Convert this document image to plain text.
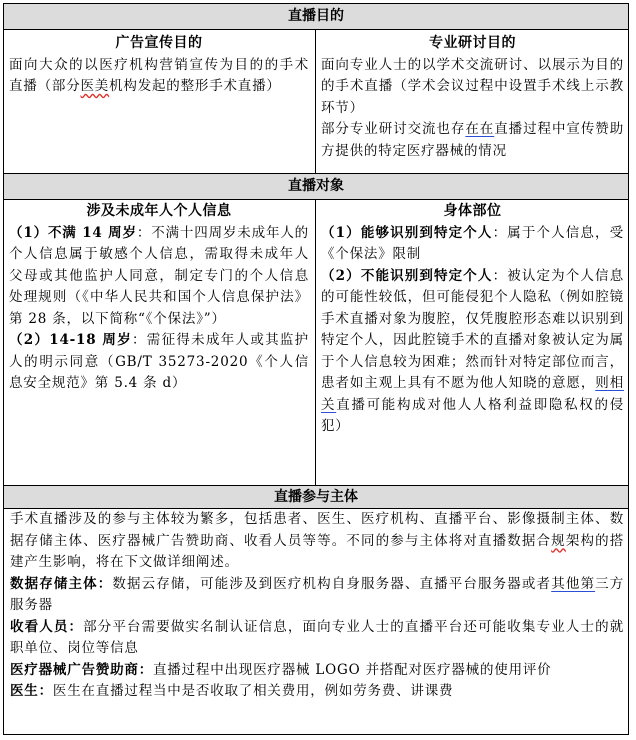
直播目的

广告宣传目的

面向大众的以医疗机构营销宣传为目的的手术直播（部分医美机构发起的整形手术直播）

专业研讨目的

面向专业人士的以学术交流研讨、以展示为目的的手术直播（学术会议过程中设置手术线上示教环节）

部分专业研讨交流也存在在直播过程中宣传赞助方提供的特定医疗器械的情况

直播对象

涉及未成年人个人信息

（1）不满 14 周岁：不满十四周岁未成年人的个人信息属于敏感个人信息，需取得未成年人父母或其他监护人同意，制定专门的个人信息处理规则（《中华人民共和国个人信息保护法》第 28 条，以下简称“《个保法》”）

（2）14-18 周岁：需征得未成年人或其监护人的明示同意（GB/T 35273-2020《个人信息安全规范》第 5.4 条 d）

身体部位

（1）能够识别到特定个人：属于个人信息，受《个保法》限制

（2）不能识别到特定个人：被认定为个人信息的可能性较低，但可能侵犯个人隐私（例如腔镜手术直播对象为腹腔，仅凭腹腔形态难以识别到特定个人，因此腔镜手术的直播对象被认定为属于个人信息较为困难；然而针对特定部位而言，患者如主观上具有不愿为他人知晓的意愿，则相关直播可能构成对他人人格利益即隐私权的侵犯）

直播参与主体

手术直播涉及的参与主体较为繁多，包括患者、医生、医疗机构、直播平台、影像摄制主体、数据存储主体、医疗器械广告赞助商、收看人员等等。不同的参与主体将对直播数据合规架构的搭建产生影响，将在下文做详细阐述。

数据存储主体：数据云存储，可能涉及到医疗机构自身服务器、直播平台服务器或者其他第三方服务器

收看人员：部分平台需要做实名制认证信息，面向专业人士的直播平台还可能收集专业人士的就职单位、岗位等信息

医疗器械广告赞助商：直播过程中出现医疗器械 LOGO 并搭配对医疗器械的使用评价

医生：医生在直播过程当中是否收取了相关费用，例如劳务费、讲课费
